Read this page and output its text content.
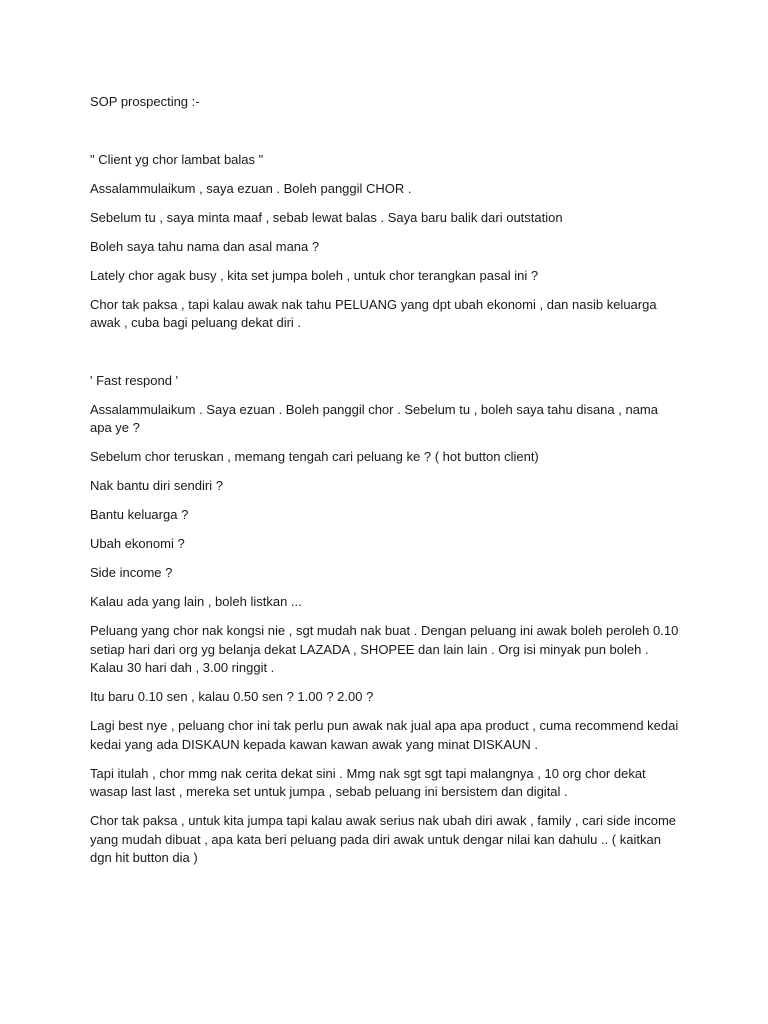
SOP prospecting :-

" Client yg chor lambat balas "

Assalammulaikum , saya ezuan . Boleh panggil CHOR .

Sebelum tu , saya minta maaf , sebab lewat balas . Saya baru balik dari outstation

Boleh saya tahu nama dan asal mana ?

Lately chor agak busy , kita set jumpa boleh , untuk chor terangkan pasal ini ?

Chor tak paksa , tapi kalau awak nak tahu PELUANG yang dpt ubah ekonomi , dan nasib keluarga awak , cuba bagi peluang dekat diri .

' Fast respond '

Assalammulaikum . Saya ezuan . Boleh panggil chor . Sebelum tu , boleh saya tahu disana , nama apa ye ?

Sebelum chor teruskan , memang tengah cari peluang ke ? ( hot button client)

Nak bantu diri sendiri ?

Bantu keluarga ?

Ubah ekonomi ?

Side income ?

Kalau ada yang lain , boleh listkan ...

Peluang yang chor nak kongsi nie , sgt mudah nak buat . Dengan peluang ini awak boleh peroleh 0.10 setiap hari dari org yg belanja dekat LAZADA , SHOPEE dan lain lain . Org isi minyak pun boleh . Kalau 30 hari dah , 3.00 ringgit .

Itu baru 0.10 sen , kalau 0.50 sen ? 1.00 ? 2.00 ?

Lagi best nye , peluang chor ini tak perlu pun awak nak jual apa apa product , cuma recommend kedai kedai yang ada DISKAUN kepada kawan kawan awak yang minat DISKAUN .

Tapi itulah , chor mmg nak cerita dekat sini . Mmg nak sgt sgt tapi malangnya , 10 org chor dekat wasap last last , mereka set untuk jumpa , sebab peluang ini bersistem dan digital .

Chor tak paksa , untuk kita jumpa tapi kalau awak serius nak ubah diri awak , family , cari side income yang mudah dibuat , apa kata beri peluang pada diri awak untuk dengar nilai kan dahulu .. ( kaitkan dgn hit button dia )
